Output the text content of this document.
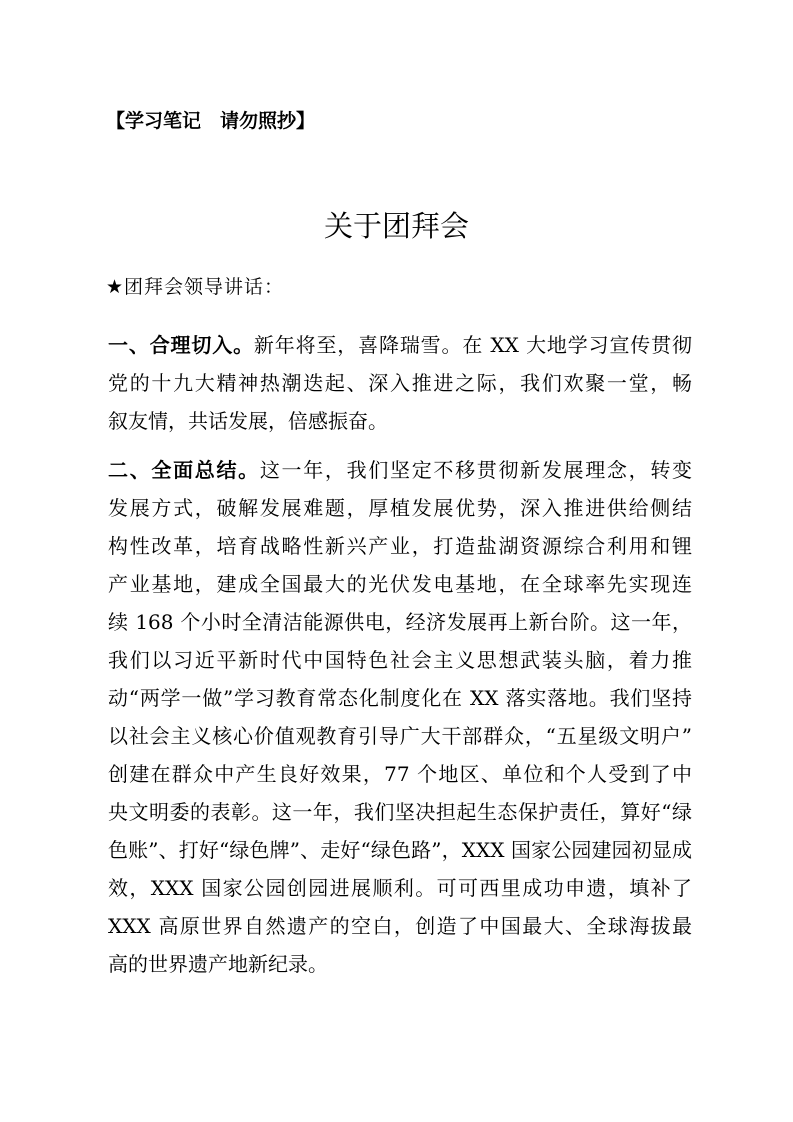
【学习笔记　请勿照抄】
关于团拜会
★团拜会领导讲话：
一、合理切入。新年将至，喜降瑞雪。在 XX 大地学习宣传贯彻
党的十九大精神热潮迭起、深入推进之际，我们欢聚一堂，畅
叙友情，共话发展，倍感振奋。
二、全面总结。这一年，我们坚定不移贯彻新发展理念，转变
发展方式，破解发展难题，厚植发展优势，深入推进供给侧结
构性改革，培育战略性新兴产业，打造盐湖资源综合利用和锂
产业基地，建成全国最大的光伏发电基地，在全球率先实现连
续 168 个小时全清洁能源供电，经济发展再上新台阶。这一年，
我们以习近平新时代中国特色社会主义思想武装头脑，着力推
动“两学一做”学习教育常态化制度化在 XX 落实落地。我们坚持
以社会主义核心价值观教育引导广大干部群众，“五星级文明户”
创建在群众中产生良好效果，77 个地区、单位和个人受到了中
央文明委的表彰。这一年，我们坚决担起生态保护责任，算好“绿
色账”、打好“绿色牌”、走好“绿色路”，XXX 国家公园建园初显成
效，XXX 国家公园创园进展顺利。可可西里成功申遗，填补了
XXX 高原世界自然遗产的空白，创造了中国最大、全球海拔最
高的世界遗产地新纪录。
